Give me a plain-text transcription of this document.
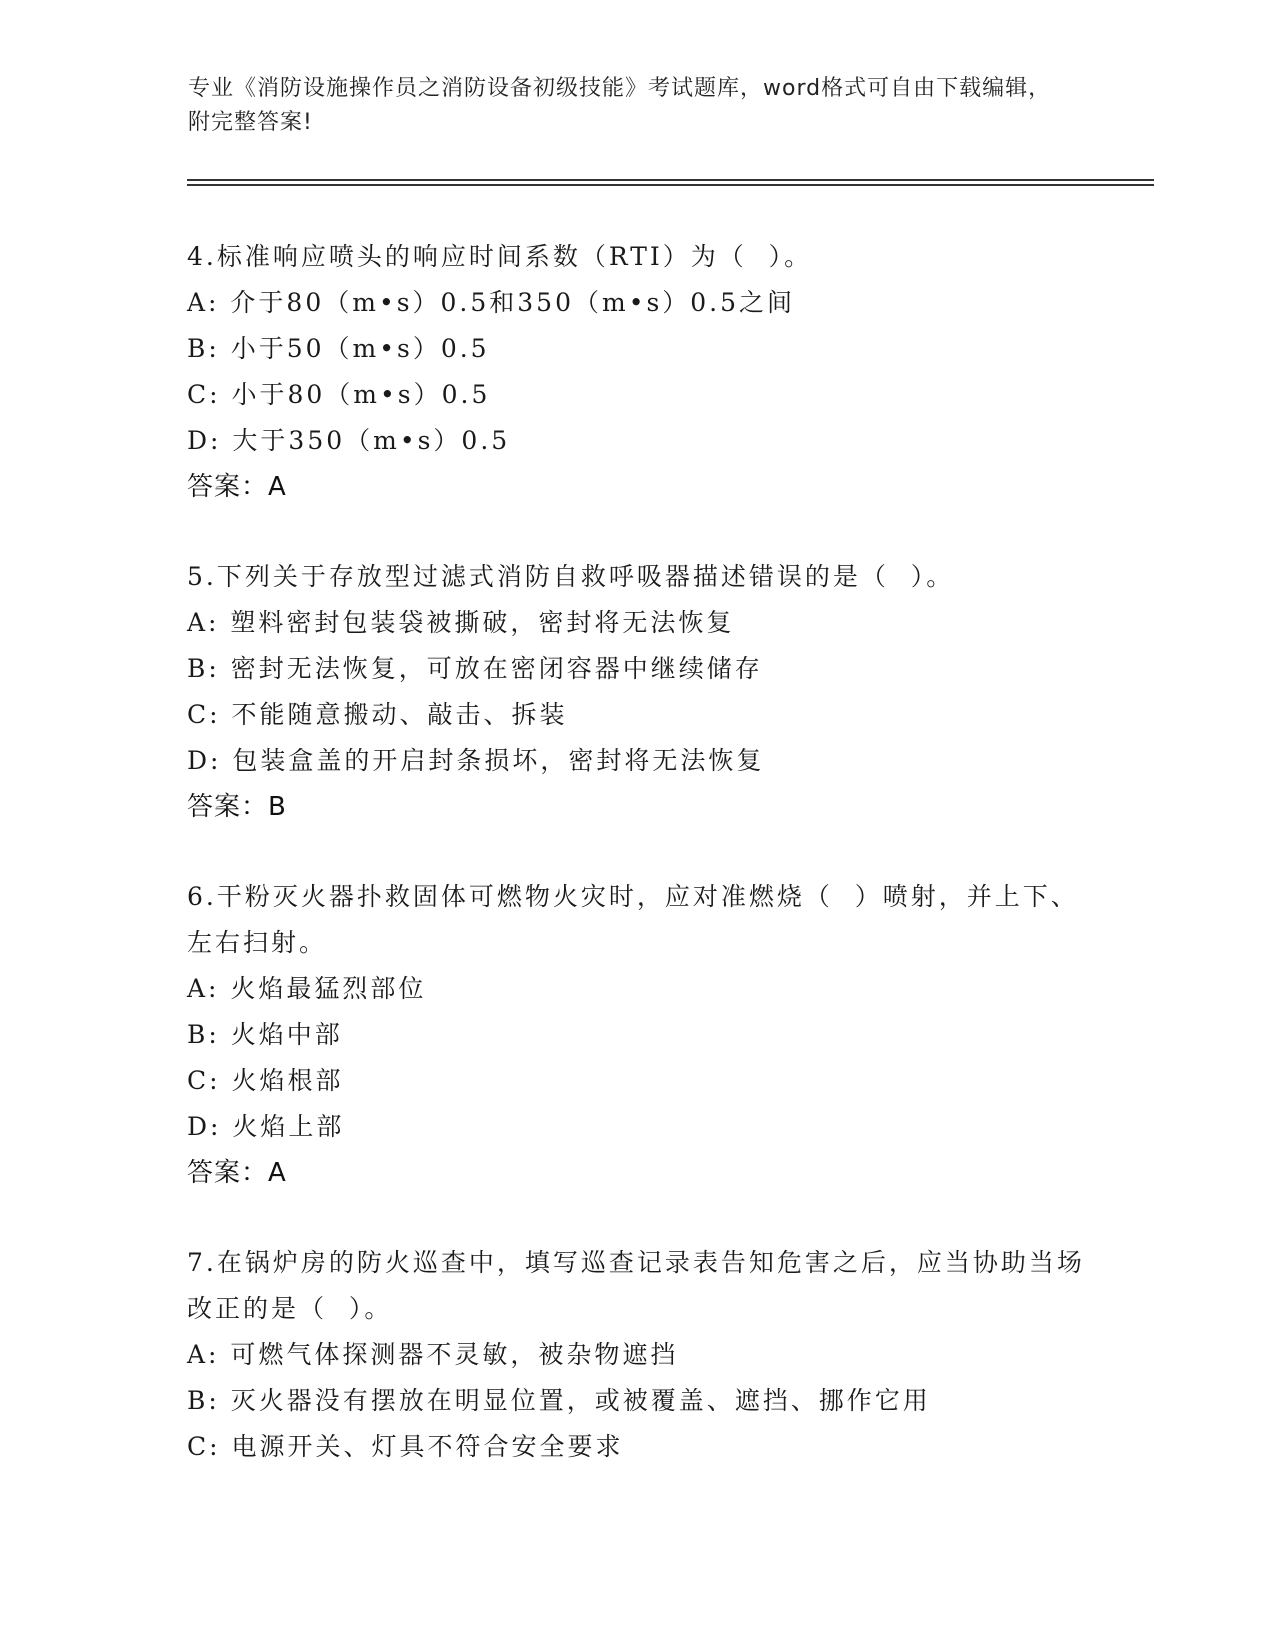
专业《消防设施操作员之消防设备初级技能》考试题库，word格式可自由下载编辑，附完整答案!
4.标准响应喷头的响应时间系数（RTI）为（  ）。
A: 介于80（m•s）0.5和350（m•s）0.5之间
B: 小于50（m•s）0.5
C: 小于80（m•s）0.5
D: 大于350（m•s）0.5
答案：A
5.下列关于存放型过滤式消防自救呼吸器描述错误的是（  ）。
A: 塑料密封包装袋被撕破，密封将无法恢复
B: 密封无法恢复，可放在密闭容器中继续储存
C: 不能随意搬动、敲击、拆装
D: 包装盒盖的开启封条损坏，密封将无法恢复
答案：B
6.干粉灭火器扑救固体可燃物火灾时，应对准燃烧（  ）喷射，并上下、左右扫射。
A: 火焰最猛烈部位
B: 火焰中部
C: 火焰根部
D: 火焰上部
答案：A
7.在锅炉房的防火巡查中，填写巡查记录表告知危害之后，应当协助当场改正的是（  ）。
A: 可燃气体探测器不灵敏，被杂物遮挡
B: 灭火器没有摆放在明显位置，或被覆盖、遮挡、挪作它用
C: 电源开关、灯具不符合安全要求
